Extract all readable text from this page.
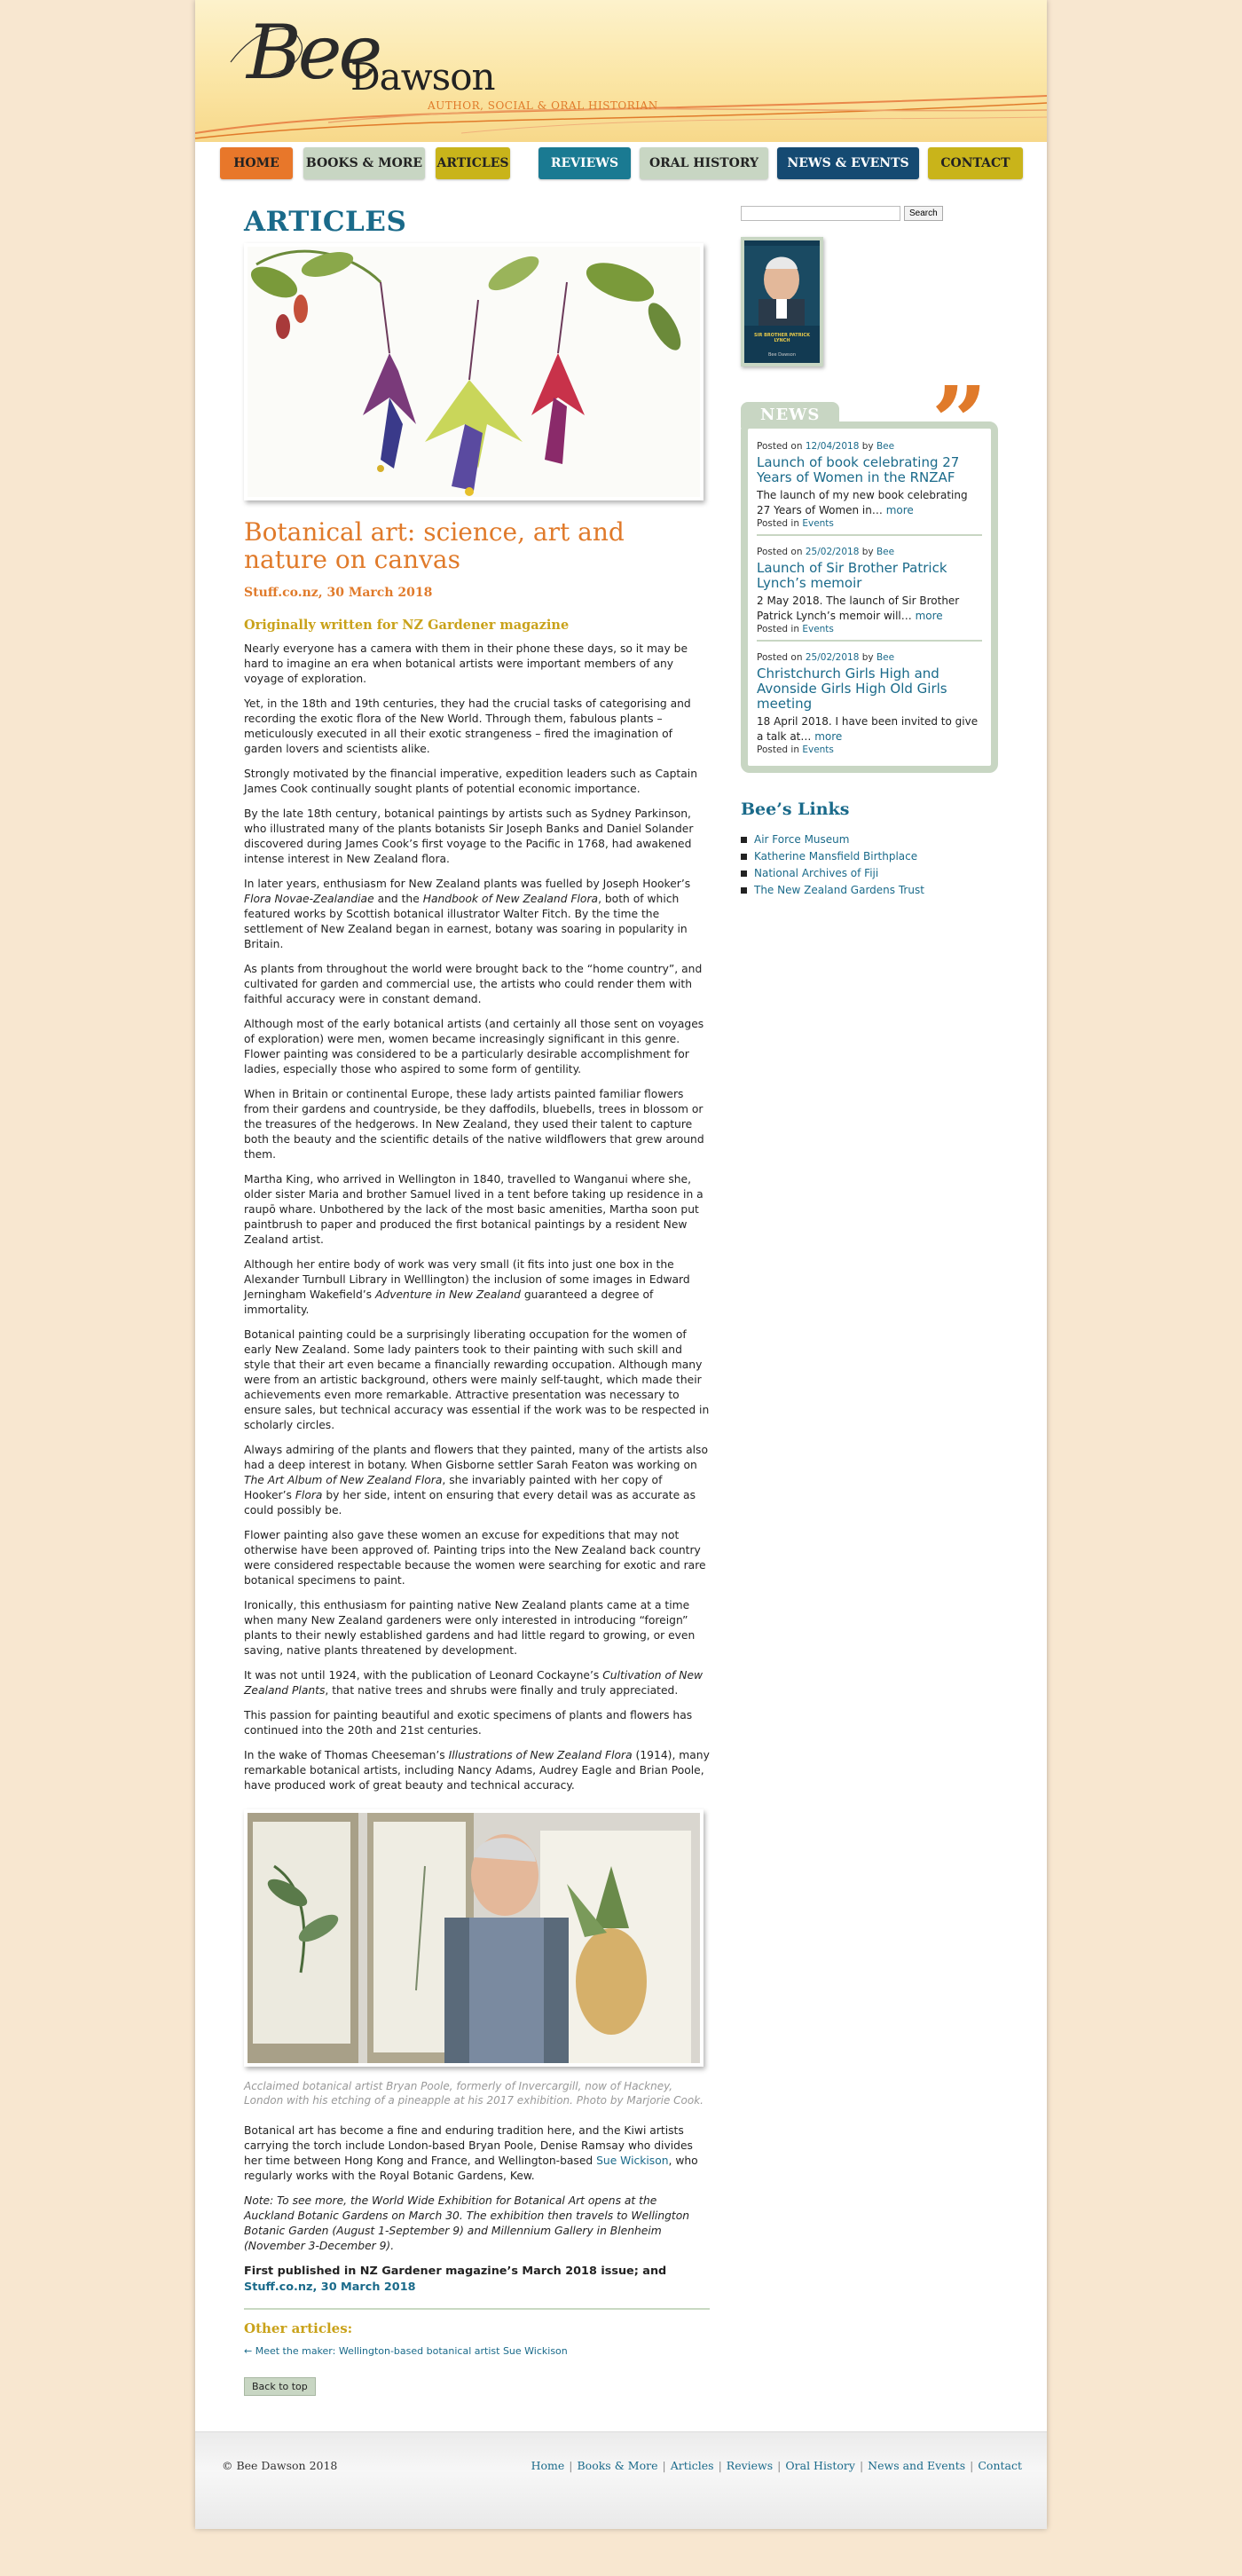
Bee
Dawson
AUTHOR, SOCIAL & ORAL HISTORIAN
HOME	BOOKS & MORE ARTICLES	REVIEWS	ORAL HISTORY	NEWS & EVENTS	CONTACT
ARTICLES
Botanical art: science, art and nature on canvas
Stuff.co.nz, 30 March 2018
Originally written for NZ Gardener magazine

Nearly everyone has a camera with them in their phone these days, so it may be hard to imagine an era when botanical artists were important members of any voyage of exploration.

Yet, in the 18th and 19th centuries, they had the crucial tasks of categorising and recording the exotic flora of the New World. Through them, fabulous plants – meticulously executed in all their exotic strangeness – fired the imagination of garden lovers and scientists alike.

Strongly motivated by the financial imperative, expedition leaders such as Captain James Cook continually sought plants of potential economic importance.

By the late 18th century, botanical paintings by artists such as Sydney Parkinson, who illustrated many of the plants botanists Sir Joseph Banks and Daniel Solander discovered during James Cook’s first voyage to the Pacific in 1768, had awakened intense interest in New Zealand flora.

In later years, enthusiasm for New Zealand plants was fuelled by Joseph Hooker’s Flora Novae-Zealandiae and the Handbook of New Zealand Flora, both of which featured works by Scottish botanical illustrator Walter Fitch. By the time the settlement of New Zealand began in earnest, botany was soaring in popularity in Britain.

As plants from throughout the world were brought back to the “home country”, and cultivated for garden and commercial use, the artists who could render them with faithful accuracy were in constant demand.

Although most of the early botanical artists (and certainly all those sent on voyages of exploration) were men, women became increasingly significant in this genre. Flower painting was considered to be a particularly desirable accomplishment for ladies, especially those who aspired to some form of gentility.

When in Britain or continental Europe, these lady artists painted familiar flowers from their gardens and countryside, be they daffodils, bluebells, trees in blossom or the treasures of the hedgerows. In New Zealand, they used their talent to capture both the beauty and the scientific details of the native wildflowers that grew around them.

Martha King, who arrived in Wellington in 1840, travelled to Wanganui where she, older sister Maria and brother Samuel lived in a tent before taking up residence in a raupō whare. Unbothered by the lack of the most basic amenities, Martha soon put paintbrush to paper and produced the first botanical paintings by a resident New Zealand artist.

Although her entire body of work was very small (it fits into just one box in the Alexander Turnbull Library in Welllington) the inclusion of some images in Edward Jerningham Wakefield’s Adventure in New Zealand guaranteed a degree of immortality.

Botanical painting could be a surprisingly liberating occupation for the women of early New Zealand. Some lady painters took to their painting with such skill and style that their art even became a financially rewarding occupation. Although many were from an artistic background, others were mainly self-taught, which made their achievements even more remarkable. Attractive presentation was necessary to ensure sales, but technical accuracy was essential if the work was to be respected in scholarly circles.

Always admiring of the plants and flowers that they painted, many of the artists also had a deep interest in botany. When Gisborne settler Sarah Featon was working on The Art Album of New Zealand Flora, she invariably painted with her copy of Hooker’s Flora by her side, intent on ensuring that every detail was as accurate as could possibly be.

Flower painting also gave these women an excuse for expeditions that may not otherwise have been approved of. Painting trips into the New Zealand back country were considered respectable because the women were searching for exotic and rare botanical specimens to paint.

Ironically, this enthusiasm for painting native New Zealand plants came at a time when many New Zealand gardeners were only interested in introducing “foreign” plants to their newly established gardens and had little regard to growing, or even saving, native plants threatened by development.

It was not until 1924, with the publication of Leonard Cockayne’s Cultivation of New Zealand Plants, that native trees and shrubs were finally and truly appreciated.

This passion for painting beautiful and exotic specimens of plants and flowers has continued into the 20th and 21st centuries.

In the wake of Thomas Cheeseman’s Illustrations of New Zealand Flora (1914), many remarkable botanical artists, including Nancy Adams, Audrey Eagle and Brian Poole, have produced work of great beauty and technical accuracy.

Acclaimed botanical artist Bryan Poole, formerly of Invercargill, now of Hackney, London with his etching of a pineapple at his 2017 exhibition. Photo by Marjorie Cook.

Botanical art has become a fine and enduring tradition here, and the Kiwi artists carrying the torch include London-based Bryan Poole, Denise Ramsay who divides her time between Hong Kong and France, and Wellington-based Sue Wickison, who regularly works with the Royal Botanic Gardens, Kew.

Note: To see more, the World Wide Exhibition for Botanical Art opens at the Auckland Botanic Gardens on March 30. The exhibition then travels to Wellington Botanic Garden (August 1-September 9) and Millennium Gallery in Blenheim (November 3-December 9).

First published in NZ Gardener magazine’s March 2018 issue; and Stuff.co.nz, 30 March 2018

Other articles:
← Meet the maker: Wellington-based botanical artist Sue Wickison
Back to top
Search
SIR BROTHER PATRICK LYNCH
Bee Dawson
NEWS ”
Posted on 12/04/2018 by Bee
Launch of book celebrating 27 Years of Women in the RNZAF
The launch of my new book celebrating 27 Years of Women in… more
Posted in Events
Posted on 25/02/2018 by Bee
Launch of Sir Brother Patrick Lynch’s memoir
2 May 2018. The launch of Sir Brother Patrick Lynch’s memoir will… more
Posted in Events
Posted on 25/02/2018 by Bee
Christchurch Girls High and Avonside Girls High Old Girls meeting
18 April 2018. I have been invited to give a talk at… more
Posted in Events
Bee’s Links
Air Force Museum
Katherine Mansfield Birthplace
National Archives of Fiji
The New Zealand Gardens Trust
© Bee Dawson 2018	Home | Books & More | Articles | Reviews | Oral History | News and Events | Contact
